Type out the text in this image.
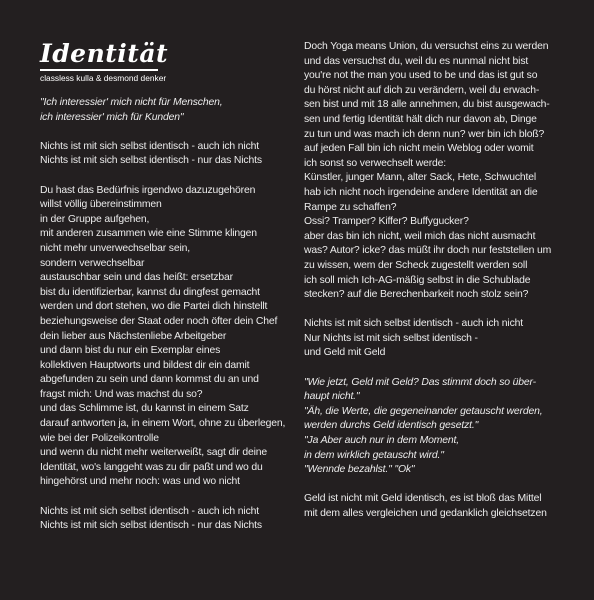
Identität
classless kulla & desmond denker
"Ich interessier' mich nicht für Menschen,
ich interessier' mich für Kunden"
Nichts ist mit sich selbst identisch - auch ich nicht
Nichts ist mit sich selbst identisch - nur das Nichts
Du hast das Bedürfnis irgendwo dazuzugehören
willst völlig übereinstimmen
in der Gruppe aufgehen,
mit anderen zusammen wie eine Stimme klingen
nicht mehr unverwechselbar sein,
sondern verwechselbar
austauschbar sein und das heißt: ersetzbar
bist du identifizierbar, kannst du dingfest gemacht
werden und dort stehen, wo die Partei dich hinstellt
beziehungsweise der Staat oder noch öfter dein Chef
dein lieber aus Nächstenliebe Arbeitgeber
und dann bist du nur ein Exemplar eines
kollektiven Hauptworts und bildest dir ein damit
abgefunden zu sein und dann kommst du an und
fragst mich: Und was machst du so?
und das Schlimme ist, du kannst in einem Satz
darauf antworten ja, in einem Wort, ohne zu überlegen,
wie bei der Polizeikontrolle
und wenn du nicht mehr weiterweißt, sagt dir deine
Identität, wo's langgeht was zu dir paßt und wo du
hingehörst und mehr noch: was und wo nicht
Nichts ist mit sich selbst identisch - auch ich nicht
Nichts ist mit sich selbst identisch - nur das Nichts
Doch Yoga means Union, du versuchst eins zu werden
und das versuchst du, weil du es nunmal nicht bist
you're not the man you used to be und das ist gut so
du hörst nicht auf dich zu verändern, weil du erwach-
sen bist und mit 18 alle annehmen, du bist ausgewach-
sen und fertig Identität hält dich nur davon ab, Dinge
zu tun und was mach ich denn nun? wer bin ich bloß?
auf jeden Fall bin ich nicht mein Weblog oder womit
ich sonst so verwechselt werde:
Künstler, junger Mann, alter Sack, Hete, Schwuchtel
hab ich nicht noch irgendeine andere Identität an die
Rampe zu schaffen?
Ossi? Tramper? Kiffer? Buffygucker?
aber das bin ich nicht, weil mich das nicht ausmacht
was? Autor? icke? das müßt ihr doch nur feststellen um
zu wissen, wem der Scheck zugestellt werden soll
ich soll mich Ich-AG-mäßig selbst in die Schublade
stecken? auf die Berechenbarkeit noch stolz sein?
Nichts ist mit sich selbst identisch - auch ich nicht
Nur Nichts ist mit sich selbst identisch -
und Geld mit Geld
"Wie jetzt, Geld mit Geld? Das stimmt doch so über-
haupt nicht."
"Äh, die Werte, die gegeneinander getauscht werden,
werden durchs Geld identisch gesetzt."
"Ja Aber auch nur in dem Moment,
in dem wirklich getauscht wird."
"Wennde bezahlst." "Ok"
Geld ist nicht mit Geld identisch, es ist bloß das Mittel
mit dem alles vergleichen und gedanklich gleichsetzen
